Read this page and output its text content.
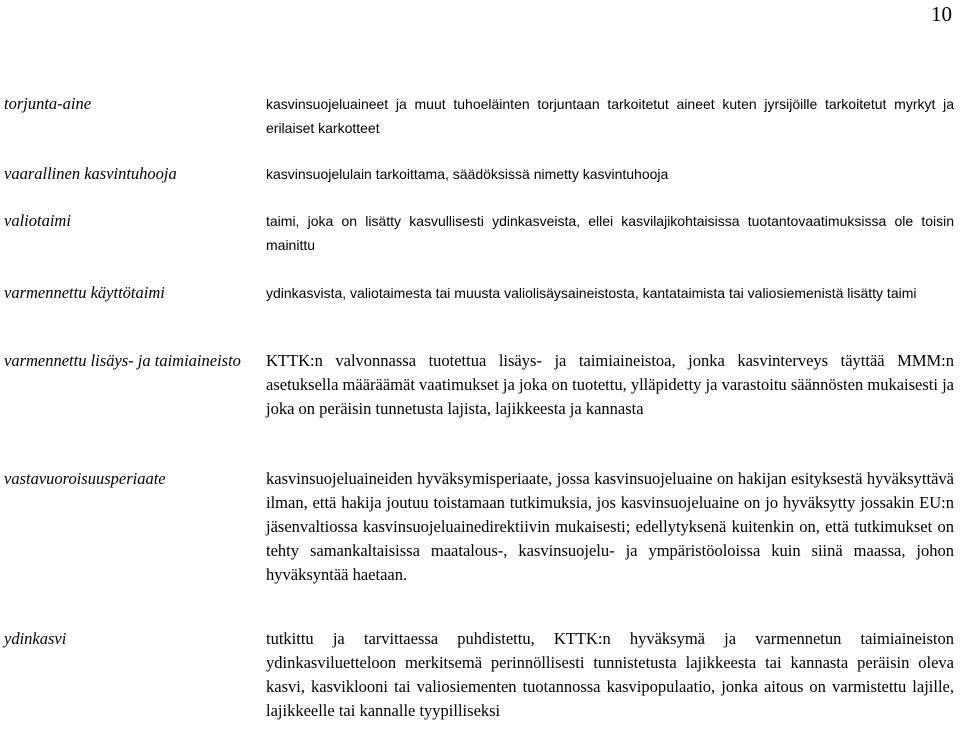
10
torjunta-aine	kasvinsuojeluaineet ja muut tuhoeläinten torjuntaan tarkoitetut aineet kuten jyrsijöille tarkoitetut myrkyt ja erilaiset karkotteet
vaarallinen kasvintuhooja	kasvinsuojelulain tarkoittama, säädöksissä nimetty kasvintuhooja
valiotaimi	taimi, joka on lisätty kasvullisesti ydinkasveista, ellei kasvilajikohtaisissa tuotantovaatimuksissa ole toisin mainittu
varmennettu käyttötaimi	ydinkasvista, valiotaimesta tai muusta valiolisäysaineistosta, kantataimista tai valiosiemenistä lisätty taimi
varmennettu lisäys- ja taimiaineisto	KTTK:n valvonnassa tuotettua lisäys- ja taimiaineistoa, jonka kasvinterveys täyttää MMM:n asetuksella määräämät vaatimukset ja joka on tuotettu, ylläpidetty ja varastoitu säännösten mukaisesti ja joka on peräisin tunnetusta lajista, lajikkeesta ja kannasta
vastavuoroisuusperiaate	kasvinsuojeluaineiden hyväksymisperiaate, jossa kasvinsuojeluaine on hakijan esityksestä hyväksyttävä ilman, että hakija joutuu toistamaan tutkimuksia, jos kasvinsuojeluaine on jo hyväksytty jossakin EU:n jäsenvaltiossa kasvinsuojeluainedirektiivin mukaisesti; edellytyksenä kuitenkin on, että tutkimukset on tehty samankaltaisissa maatalous-, kasvinsuojelu- ja ympäristöoloissa kuin siinä maassa, johon hyväksyntää haetaan.
ydinkasvi	tutkittu ja tarvittaessa puhdistettu, KTTK:n hyväksymä ja varmennetun taimiaineiston ydinkasviluetteloon merkitsemä perinnöllisesti tunnistetusta lajikkeesta tai kannasta peräisin oleva kasvi, kasviklooni tai valiosiementen tuotannossa kasvipopulaatio, jonka aitous on varmistettu lajille, lajikkeelle tai kannalle tyypilliseksi
